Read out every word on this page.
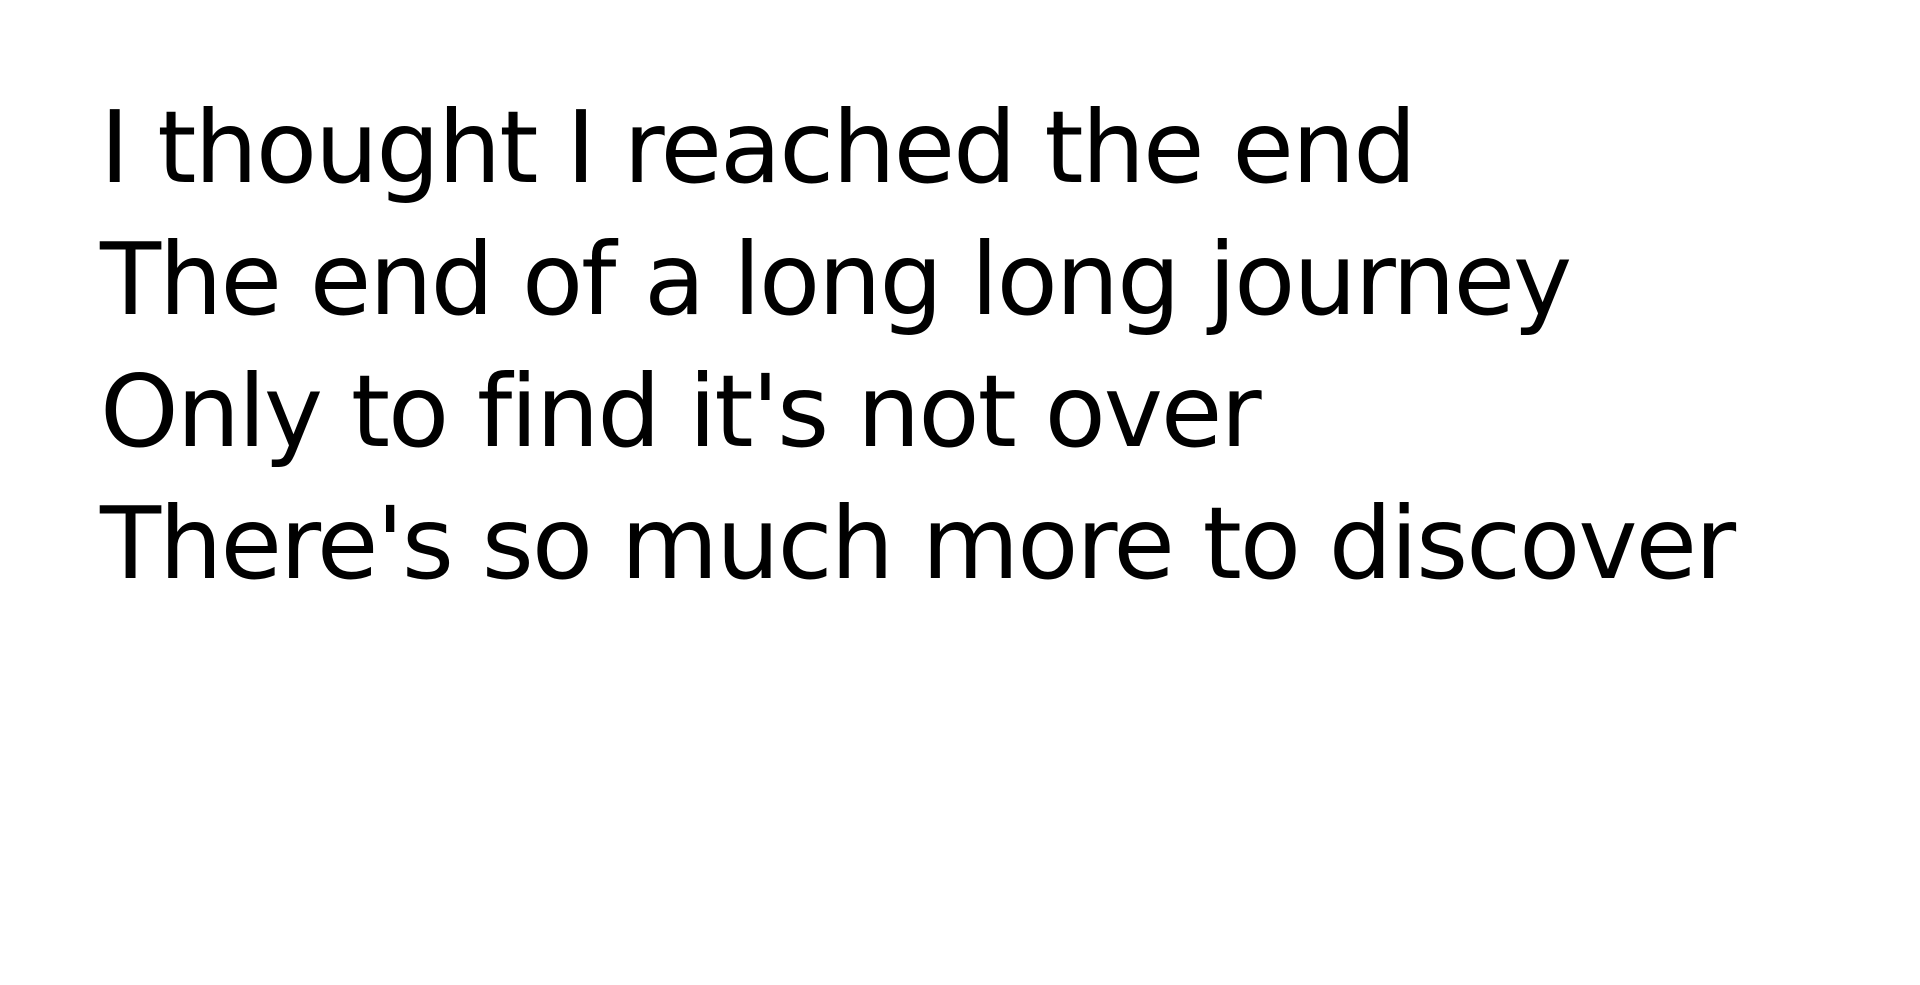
I thought I reached the end
The end of a long long journey
Only to find it's not over
There's so much more to discover
